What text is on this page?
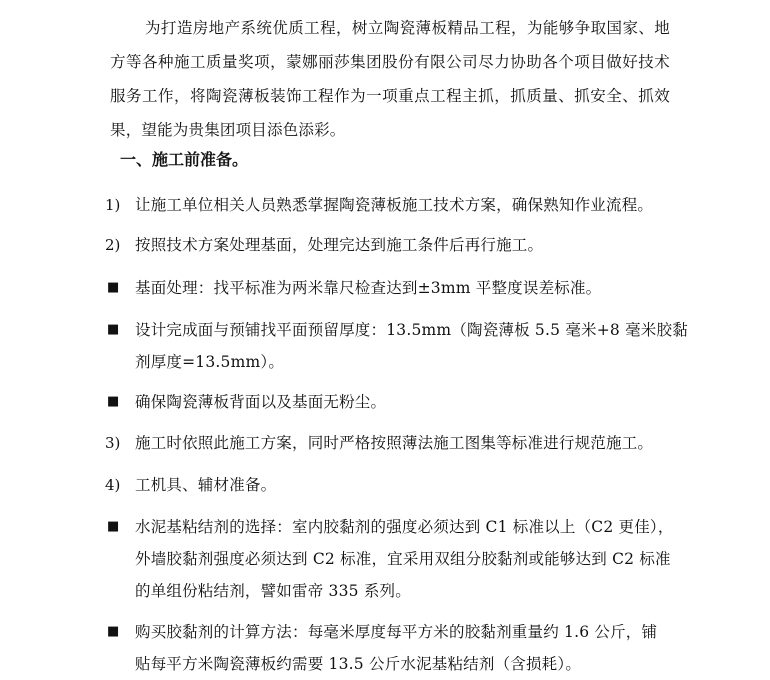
为打造房地产系统优质工程，树立陶瓷薄板精品工程，为能够争取国家、地方等各种施工质量奖项，蒙娜丽莎集团股份有限公司尽力协助各个项目做好技术服务工作，将陶瓷薄板装饰工程作为一项重点工程主抓，抓质量、抓安全、抓效果，望能为贵集团项目添色添彩。

一、施工前准备。
1) 让施工单位相关人员熟悉掌握陶瓷薄板施工技术方案，确保熟知作业流程。
2) 按照技术方案处理基面，处理完达到施工条件后再行施工。
■	基面处理：找平标准为两米靠尺检查达到±3mm 平整度误差标准。
■	设计完成面与预铺找平面预留厚度：13.5mm（陶瓷薄板 5.5 毫米+8 毫米胶黏
剂厚度=13.5mm）。
■	确保陶瓷薄板背面以及基面无粉尘。
3) 施工时依照此施工方案，同时严格按照薄法施工图集等标准进行规范施工。
4) 工机具、辅材准备。
■	水泥基粘结剂的选择：室内胶黏剂的强度必须达到 C1 标准以上（C2 更佳），
外墙胶黏剂强度必须达到 C2 标准，宜采用双组分胶黏剂或能够达到 C2 标准
的单组份粘结剂，譬如雷帝 335 系列。
■	购买胶黏剂的计算方法：每毫米厚度每平方米的胶黏剂重量约 1.6 公斤，铺
贴每平方米陶瓷薄板约需要 13.5 公斤水泥基粘结剂（含损耗）。
